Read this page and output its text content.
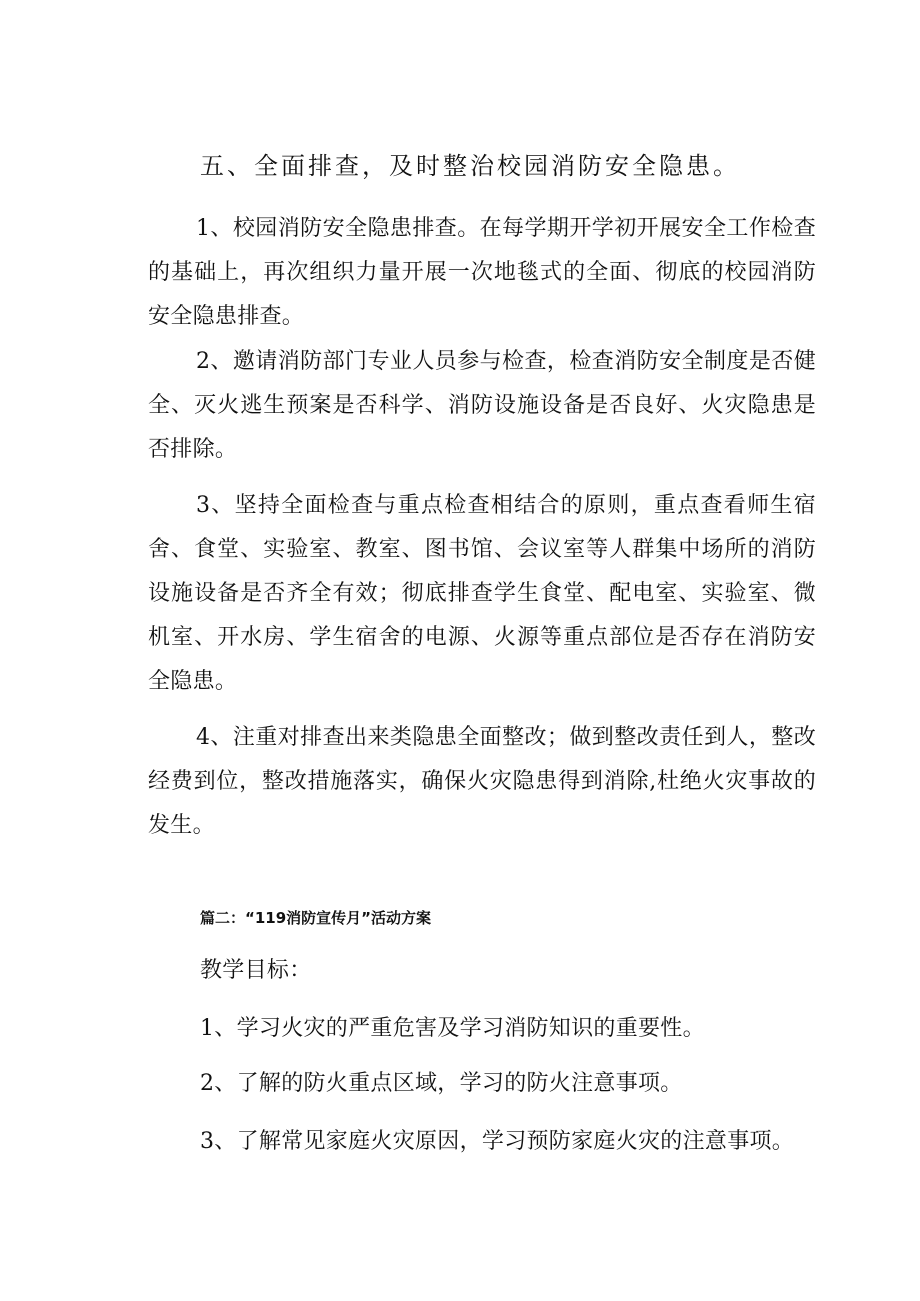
五、全面排查，及时整治校园消防安全隐患。
1、校园消防安全隐患排查。在每学期开学初开展安全工作检查的基础上，再次组织力量开展一次地毯式的全面、彻底的校园消防安全隐患排查。
2、邀请消防部门专业人员参与检查，检查消防安全制度是否健全、灭火逃生预案是否科学、消防设施设备是否良好、火灾隐患是否排除。
3、坚持全面检查与重点检查相结合的原则，重点查看师生宿舍、食堂、实验室、教室、图书馆、会议室等人群集中场所的消防设施设备是否齐全有效；彻底排查学生食堂、配电室、实验室、微机室、开水房、学生宿舍的电源、火源等重点部位是否存在消防安全隐患。
4、注重对排查出来类隐患全面整改；做到整改责任到人，整改经费到位，整改措施落实，确保火灾隐患得到消除,杜绝火灾事故的发生。
篇二：“119消防宣传月”活动方案
教学目标：
1、学习火灾的严重危害及学习消防知识的重要性。
2、了解的防火重点区域，学习的防火注意事项。
3、了解常见家庭火灾原因，学习预防家庭火灾的注意事项。
